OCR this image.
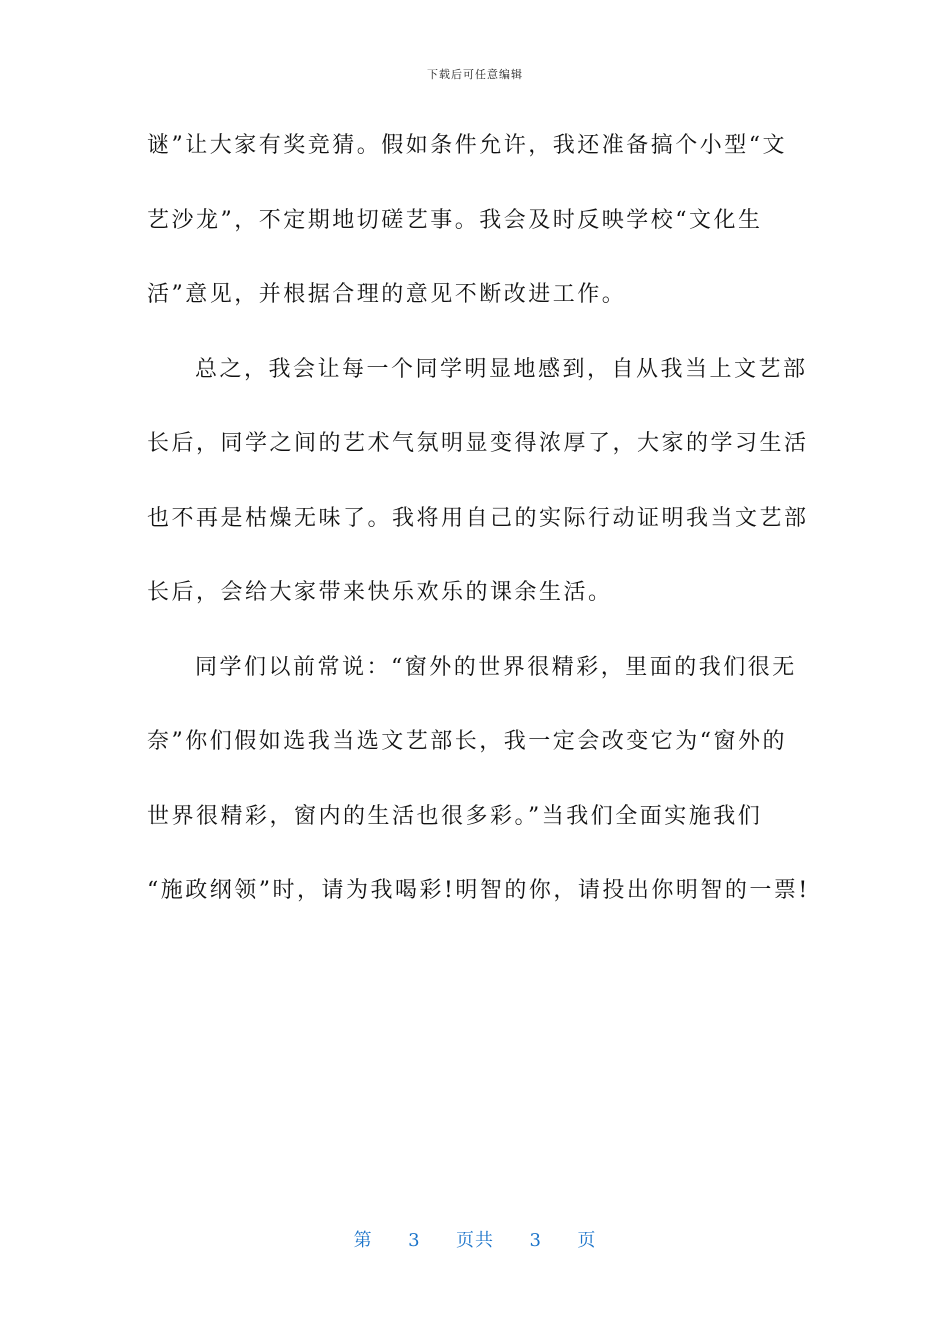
下载后可任意编辑
谜”让大家有奖竞猜。假如条件允许，我还准备搞个小型“文
艺沙龙”，不定期地切磋艺事。我会及时反映学校“文化生
活”意见，并根据合理的意见不断改进工作。
总之，我会让每一个同学明显地感到，自从我当上文艺部
长后，同学之间的艺术气氛明显变得浓厚了，大家的学习生活
也不再是枯燥无味了。我将用自己的实际行动证明我当文艺部
长后，会给大家带来快乐欢乐的课余生活。
同学们以前常说：“窗外的世界很精彩，里面的我们很无
奈”你们假如选我当选文艺部长，我一定会改变它为“窗外的
世界很精彩，窗内的生活也很多彩。”当我们全面实施我们
“施政纲领”时，请为我喝彩!明智的你，请投出你明智的一票!
第 3 页共 3 页
